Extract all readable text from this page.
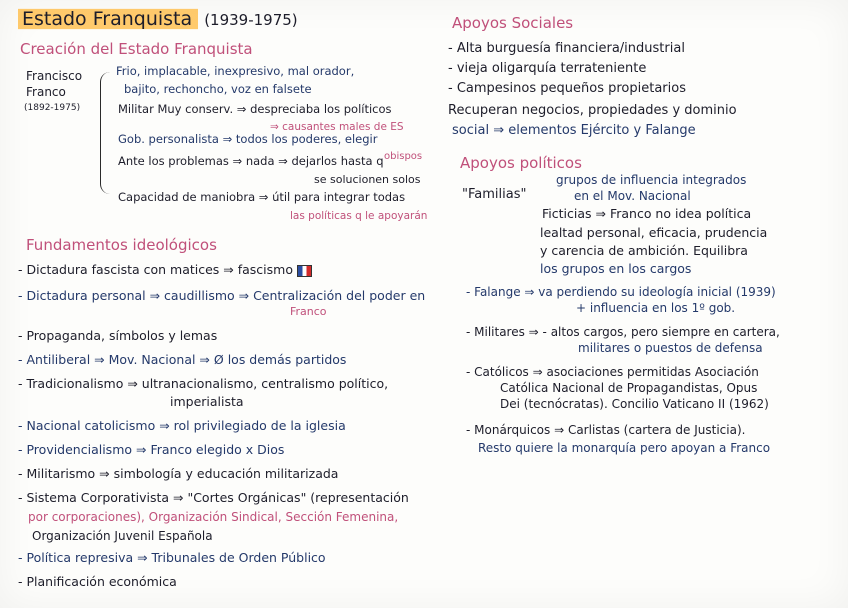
Estado Franquista (1939-1975)
Creación del Estado Franquista
Francisco
Franco
(1892-1975)
Frio, implacable, inexpresivo, mal orador,
bajito, rechoncho, voz en falsete
Militar Muy conserv. ⇒ despreciaba los políticos
⇒ causantes males de ES
Gob. personalista ⇒ todos los poderes, elegir
obispos
Ante los problemas ⇒ nada ⇒ dejarlos hasta q
se solucionen solos
Capacidad de maniobra ⇒ útil para integrar todas
las políticas q le apoyarán
Fundamentos ideológicos
- Dictadura fascista con matices ⇒ fascismo
- Dictadura personal ⇒ caudillismo ⇒ Centralización del poder en
Franco
- Propaganda, símbolos y lemas
- Antiliberal ⇒ Mov. Nacional ⇒ Ø los demás partidos
- Tradicionalismo ⇒ ultranacionalismo, centralismo político,
imperialista
- Nacional catolicismo ⇒ rol privilegiado de la iglesia
- Providencialismo ⇒ Franco elegido x Dios
- Militarismo ⇒ simbología y educación militarizada
- Sistema Corporativista ⇒ "Cortes Orgánicas" (representación
por corporaciones), Organización Sindical, Sección Femenina,
Organización Juvenil Española
- Política represiva ⇒ Tribunales de Orden Público
- Planificación económica
Apoyos Sociales
- Alta burguesía financiera/industrial
- vieja oligarquía terrateniente
- Campesinos pequeños propietarios
Recuperan negocios, propiedades y dominio
social ⇒ elementos Ejército y Falange
Apoyos políticos
"Familias"
grupos de influencia integrados
en el Mov. Nacional
Ficticias ⇒ Franco no idea política
lealtad personal, eficacia, prudencia
y carencia de ambición. Equilibra
los grupos en los cargos
- Falange ⇒ va perdiendo su ideología inicial (1939)
+ influencia en los 1º gob.
- Militares ⇒ - altos cargos, pero siempre en cartera,
militares o puestos de defensa
- Católicos ⇒ asociaciones permitidas Asociación
Católica Nacional de Propagandistas, Opus
Dei (tecnócratas). Concilio Vaticano II (1962)
- Monárquicos ⇒ Carlistas (cartera de Justicia).
Resto quiere la monarquía pero apoyan a Franco
